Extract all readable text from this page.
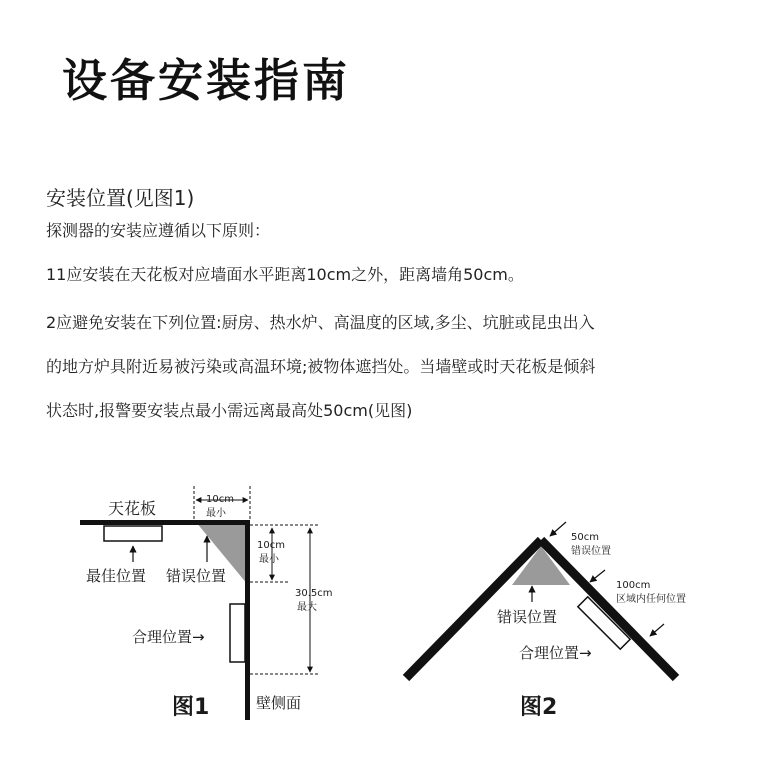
设备安装指南
安装位置(见图1)
探测器的安装应遵循以下原则：
11应安装在天花板对应墙面水平距离10cm之外，距离墙角50cm。
2应避免安装在下列位置:厨房、热水炉、高温度的区域,多尘、坑脏或昆虫出入
的地方炉具附近易被污染或高温环境;被物体遮挡处。当墙壁或时天花板是倾斜
状态时,报警要安装点最小需远离最高处50cm(见图)
天花板	10cm
最小
10cm
最小
30.5cm
最大
最佳位置 错误位置
合理位置→
壁侧面
图1
50cm
错误位置
100cm
区域内任何位置
错误位置
合理位置→
图2
